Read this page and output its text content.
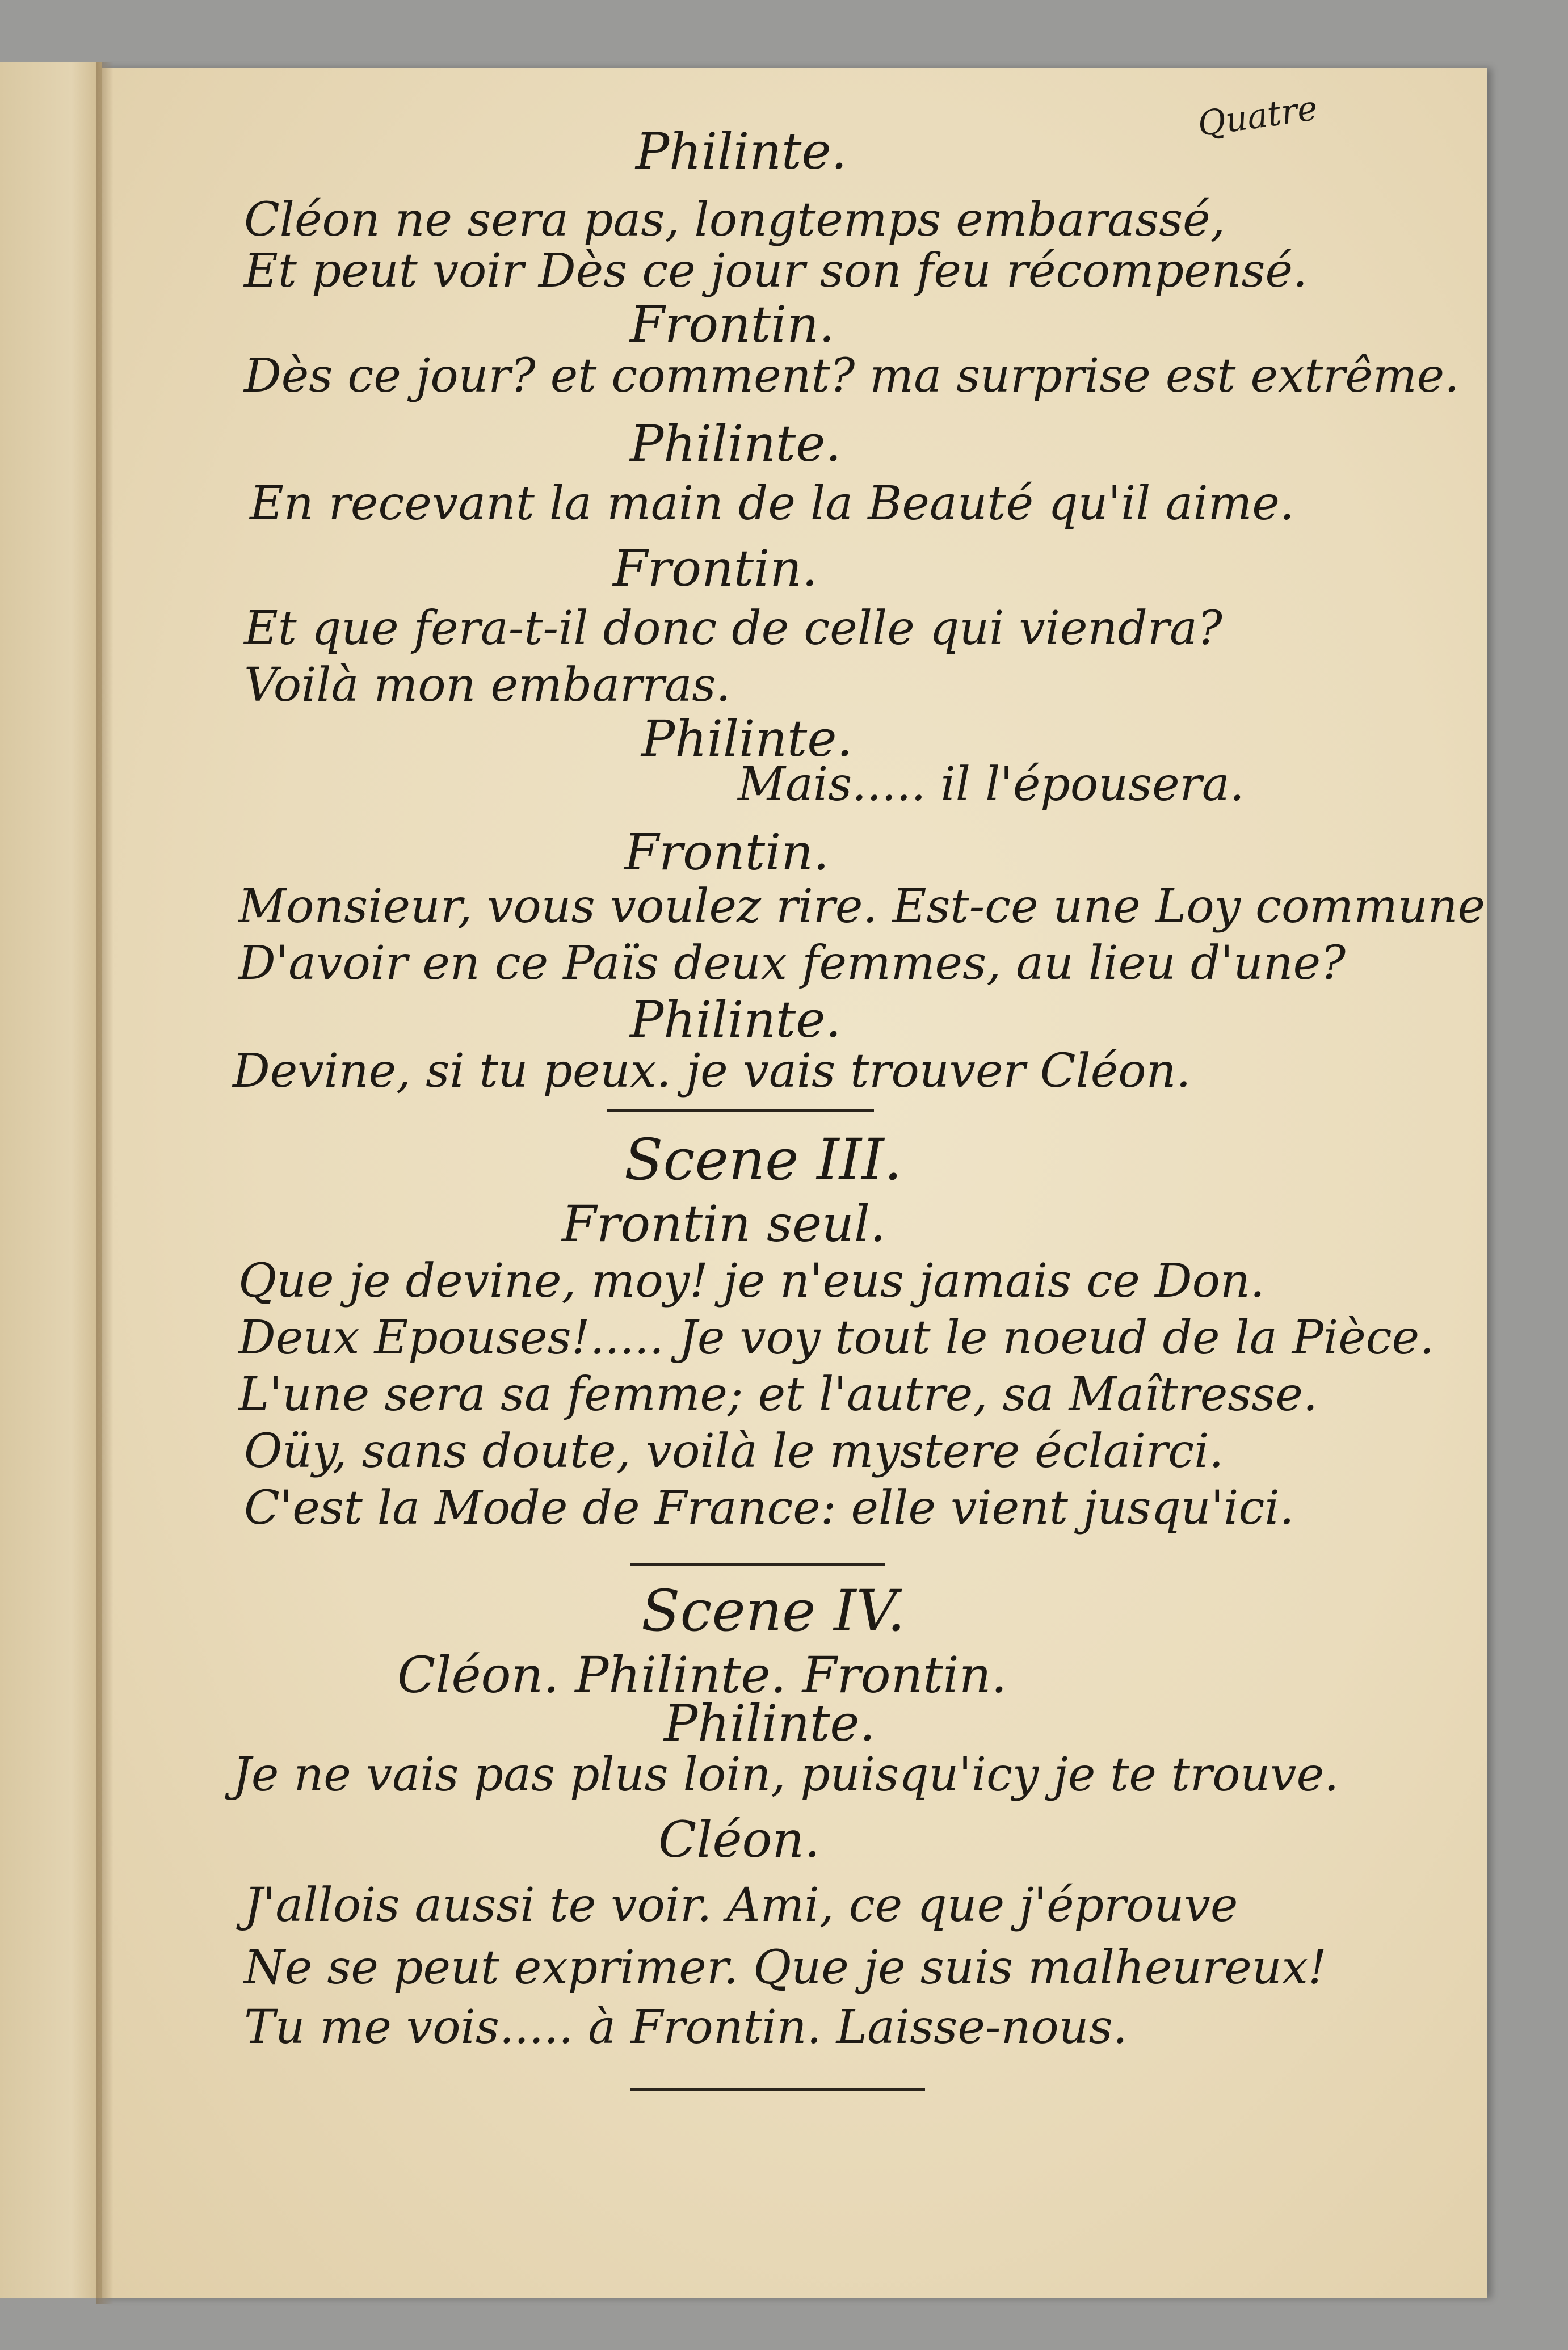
Quatre
Philinte.
Cléon ne sera pas, longtemps embarassé,
Et peut voir Dès ce jour son feu récompensé.
Frontin.
Dès ce jour? et comment? ma surprise est extrême.
Philinte.
En recevant la main de la Beauté qu'il aime.
Frontin.
Et que fera-t-il donc de celle qui viendra?
Voilà mon embarras.
Philinte.
Mais..... il l'épousera.
Frontin.
Monsieur, vous voulez rire. Est-ce une Loy commune
D'avoir en ce Païs deux femmes, au lieu d'une?
Philinte.
Devine, si tu peux. je vais trouver Cléon.
Scene III.
Frontin seul.
Que je devine, moy! je n'eus jamais ce Don.
Deux Epouses!..... Je voy tout le noeud de la Pièce.
L'une sera sa femme; et l'autre, sa Maîtresse.
Oüy, sans doute, voilà le mystere éclairci.
C'est la Mode de France: elle vient jusqu'ici.
Scene IV.
Cléon. Philinte. Frontin.
Philinte.
Je ne vais pas plus loin, puisqu'icy je te trouve.
Cléon.
J'allois aussi te voir. Ami, ce que j'éprouve
Ne se peut exprimer. Que je suis malheureux!
Tu me vois..... à Frontin. Laisse-nous.
